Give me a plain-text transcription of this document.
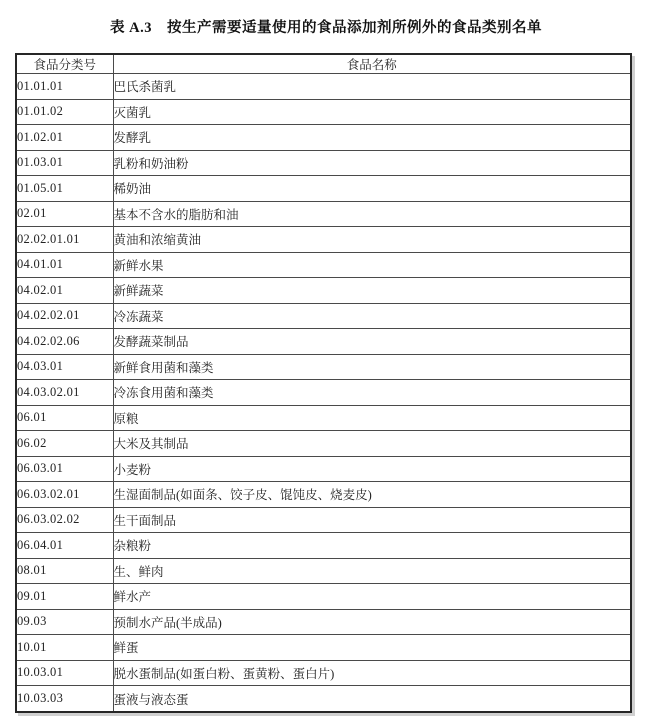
表 A.3　按生产需要适量使用的食品添加剂所例外的食品类别名单
食品分类号	食品名称
01.01.01	巴氏杀菌乳
01.01.02	灭菌乳
01.02.01	发酵乳
01.03.01	乳粉和奶油粉
01.05.01	稀奶油
02.01	基本不含水的脂肪和油
02.02.01.01	黄油和浓缩黄油
04.01.01	新鲜水果
04.02.01	新鲜蔬菜
04.02.02.01	冷冻蔬菜
04.02.02.06	发酵蔬菜制品
04.03.01	新鲜食用菌和藻类
04.03.02.01	冷冻食用菌和藻类
06.01	原粮
06.02	大米及其制品
06.03.01	小麦粉
06.03.02.01	生湿面制品(如面条、饺子皮、馄饨皮、烧麦皮)
06.03.02.02	生干面制品
06.04.01	杂粮粉
08.01	生、鲜肉
09.01	鲜水产
09.03	预制水产品(半成品)
10.01	鲜蛋
10.03.01	脱水蛋制品(如蛋白粉、蛋黄粉、蛋白片)
10.03.03	蛋液与液态蛋
